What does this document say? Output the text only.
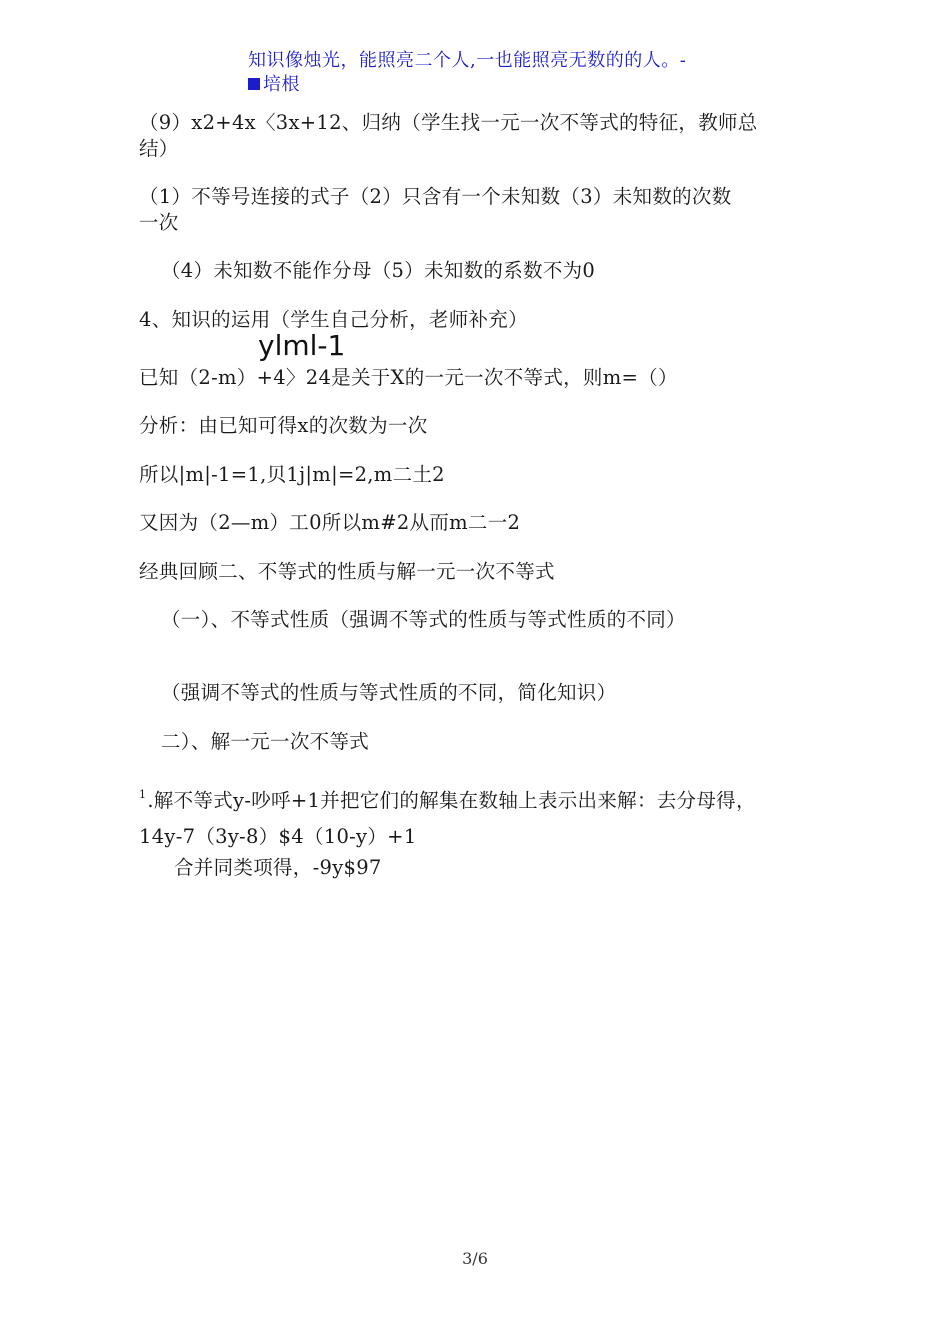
知识像烛光，能照亮二个人,一也能照亮无数的的人。-
培根
（9）x2+4x〈3x+12、归纳（学生找一元一次不等式的特征，教师总
结）
（1）不等号连接的式子（2）只含有一个未知数（3）未知数的次数
一次
（4）未知数不能作分母（5）未知数的系数不为0
4、知识的运用（学生自己分析，老师补充）
ylml-1
已知（2-m）+4〉24是关于X的一元一次不等式，则m=（）
分析：由已知可得x的次数为一次
所以|m|-1=1,贝1j|m|=2,m二土2
又因为（2—m）工0所以m#2从而m二一2
经典回顾二、不等式的性质与解一元一次不等式
（一）、不等式性质（强调不等式的性质与等式性质的不同）
（强调不等式的性质与等式性质的不同，简化知识）
二）、解一元一次不等式
$^1$.解不等式y-吵呼+1并把它们的解集在数轴上表示出来解：去分母得，
14y-7（3y-8）$4（10-y）+1
合并同类项得，-9y$97
3/6
